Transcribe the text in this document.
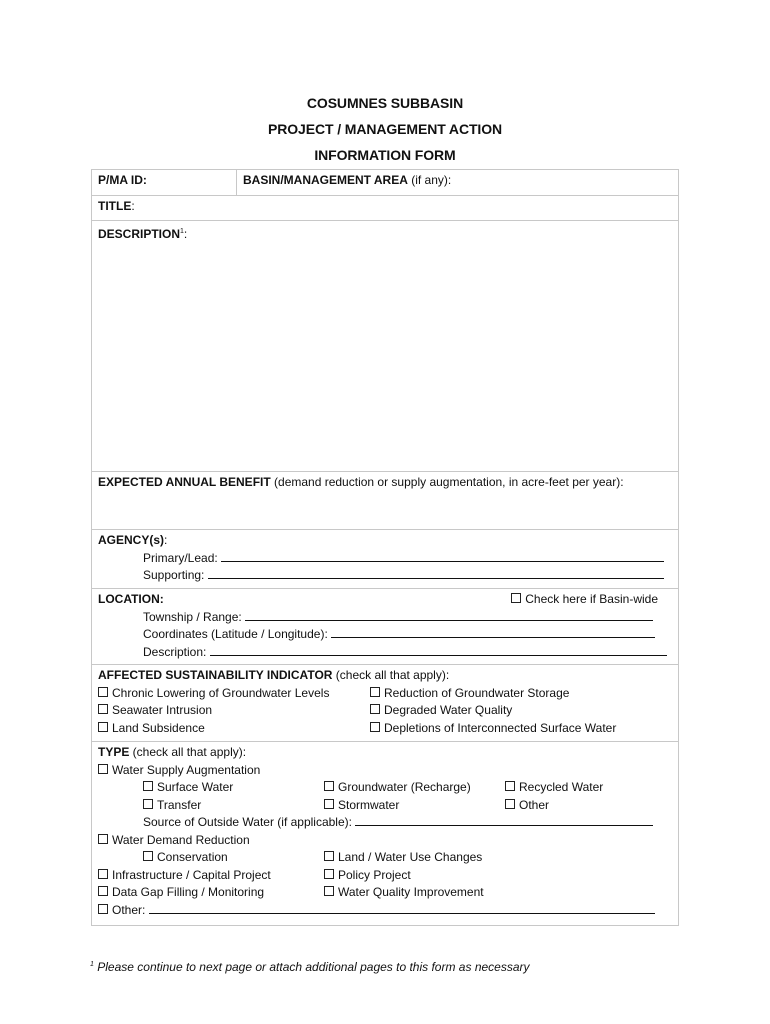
COSUMNES SUBBASIN
PROJECT / MANAGEMENT ACTION
INFORMATION FORM
P/MA ID:	BASIN/MANAGEMENT AREA (if any):
TITLE:
DESCRIPTION$^1$:
EXPECTED ANNUAL BENEFIT (demand reduction or supply augmentation, in acre-feet per year):
AGENCY(s):
Primary/Lead:
Supporting:
LOCATION:	Check here if Basin-wide
Township / Range:
Coordinates (Latitude / Longitude):
Description:
AFFECTED SUSTAINABILITY INDICATOR (check all that apply):
Chronic Lowering of Groundwater Levels	Reduction of Groundwater Storage
Seawater Intrusion	Degraded Water Quality
Land Subsidence	Depletions of Interconnected Surface Water
TYPE (check all that apply):
Water Supply Augmentation
Surface Water	Groundwater (Recharge)	Recycled Water
Transfer	Stormwater	Other
Source of Outside Water (if applicable):
Water Demand Reduction
Conservation	Land / Water Use Changes
Infrastructure / Capital Project	Policy Project
Data Gap Filling / Monitoring	Water Quality Improvement
Other:
$^1$ Please continue to next page or attach additional pages to this form as necessary
